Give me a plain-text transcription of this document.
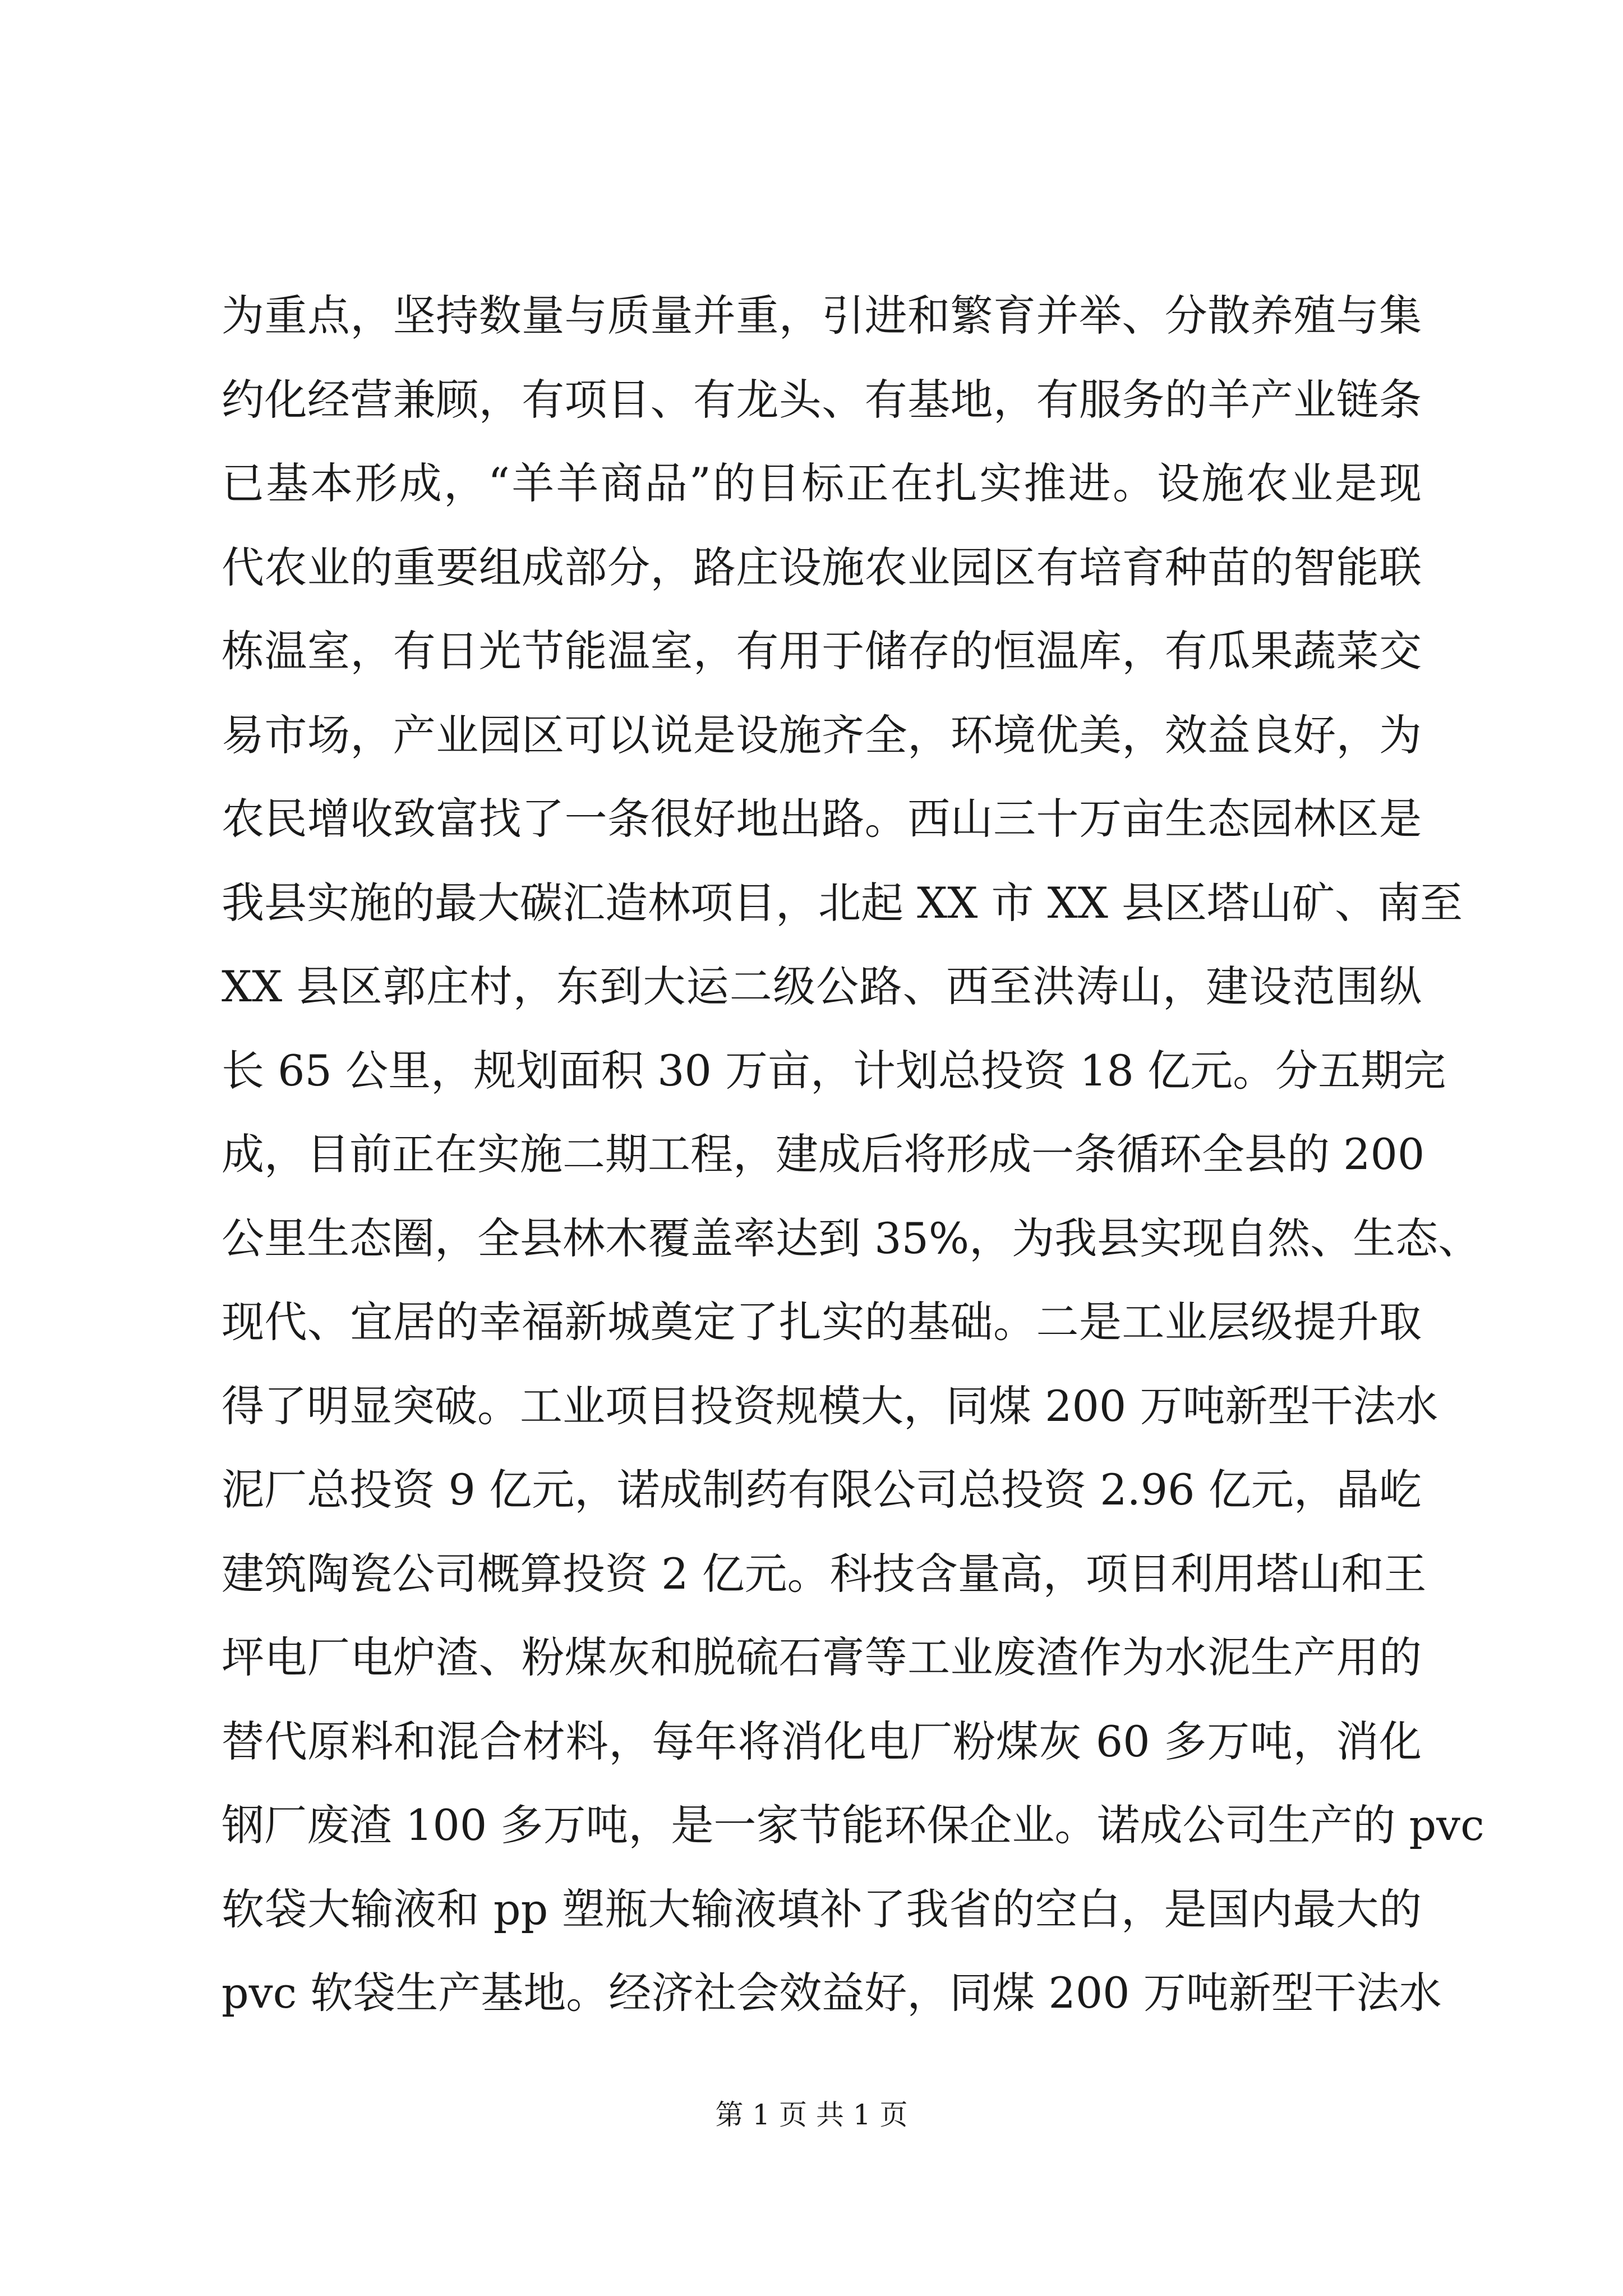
为重点，坚持数量与质量并重，引进和繁育并举、分散养殖与集
约化经营兼顾，有项目、有龙头、有基地，有服务的羊产业链条
已基本形成，“羊羊商品”的目标正在扎实推进。设施农业是现
代农业的重要组成部分，路庄设施农业园区有培育种苗的智能联
栋温室，有日光节能温室，有用于储存的恒温库，有瓜果蔬菜交
易市场，产业园区可以说是设施齐全，环境优美，效益良好，为
农民增收致富找了一条很好地出路。西山三十万亩生态园林区是
我县实施的最大碳汇造林项目，北起 XX 市 XX 县区塔山矿、南至
XX 县区郭庄村，东到大运二级公路、西至洪涛山，建设范围纵
长 65 公里，规划面积 30 万亩，计划总投资 18 亿元。分五期完
成，目前正在实施二期工程，建成后将形成一条循环全县的 200
公里生态圈，全县林木覆盖率达到 35%，为我县实现自然、生态、
现代、宜居的幸福新城奠定了扎实的基础。二是工业层级提升取
得了明显突破。工业项目投资规模大，同煤 200 万吨新型干法水
泥厂总投资 9 亿元，诺成制药有限公司总投资 2.96 亿元，晶屹
建筑陶瓷公司概算投资 2 亿元。科技含量高，项目利用塔山和王
坪电厂电炉渣、粉煤灰和脱硫石膏等工业废渣作为水泥生产用的
替代原料和混合材料，每年将消化电厂粉煤灰 60 多万吨，消化
钢厂废渣 100 多万吨，是一家节能环保企业。诺成公司生产的 pvc
软袋大输液和 pp 塑瓶大输液填补了我省的空白，是国内最大的
pvc 软袋生产基地。经济社会效益好，同煤 200 万吨新型干法水
第 1 页 共 1 页
